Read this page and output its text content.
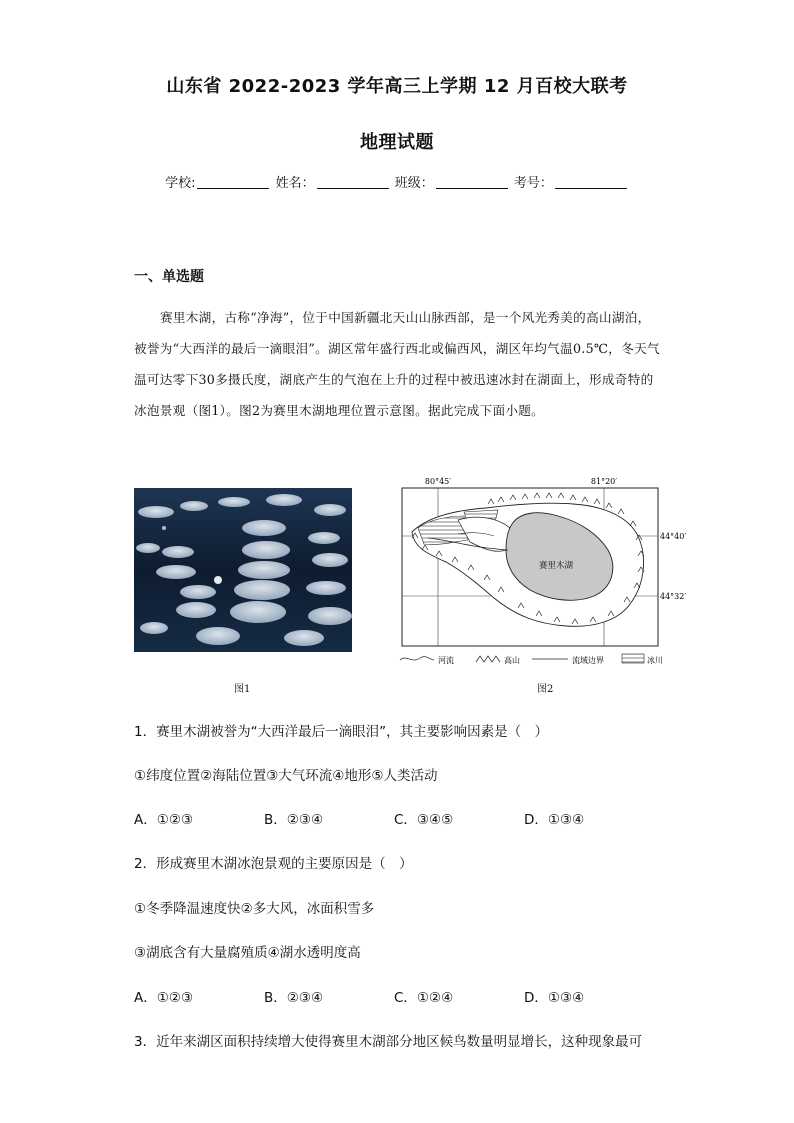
山东省 2022-2023 学年高三上学期 12 月百校大联考
地理试题
学校:	姓名：	班级：	考号：
一、单选题
赛里木湖，古称“净海”，位于中国新疆北天山山脉西部，是一个风光秀美的高山湖泊，被誉为“大西洋的最后一滴眼泪”。湖区常年盛行西北或偏西风，湖区年均气温0.5℃，冬天气温可达零下30多摄氏度，湖底产生的气泡在上升的过程中被迅速冰封在湖面上，形成奇特的冰泡景观（图1）。图2为赛里木湖地理位置示意图。据此完成下面小题。
图1
赛里木湖
80°45′	81°20′
44°40′
44°32′
河流	高山	流域边界	冰川
图2
1．赛里木湖被誉为“大西洋最后一滴眼泪”，其主要影响因素是（　）
①纬度位置②海陆位置③大气环流④地形⑤人类活动
A．①②③	B．②③④	C．③④⑤	D．①③④
2．形成赛里木湖冰泡景观的主要原因是（　）
①冬季降温速度快②多大风，冰面积雪多
③湖底含有大量腐殖质④湖水透明度高
A．①②③	B．②③④	C．①②④	D．①③④
3．近年来湖区面积持续增大使得赛里木湖部分地区候鸟数量明显增长，这种现象最可
